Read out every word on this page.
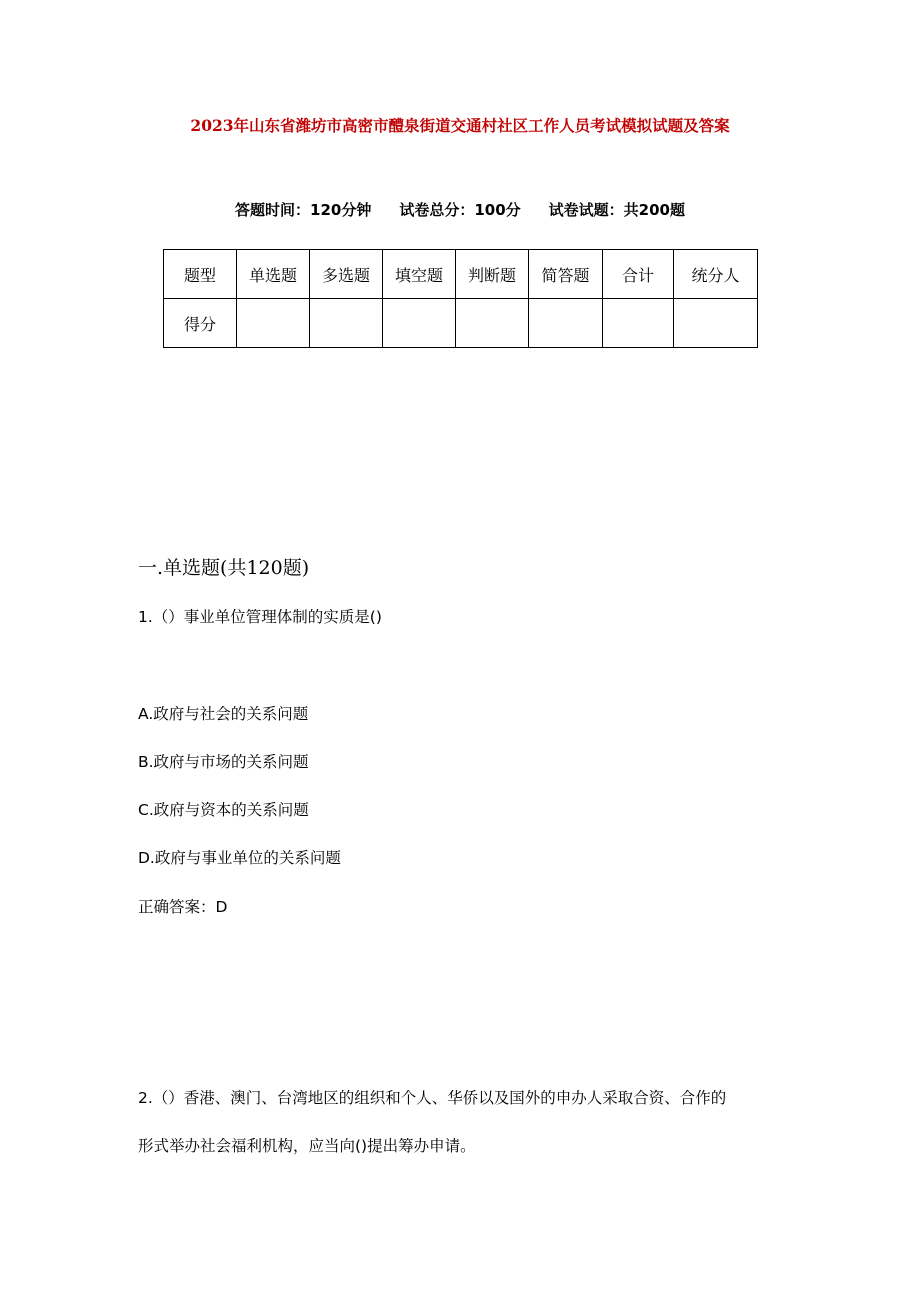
2023年山东省潍坊市高密市醴泉街道交通村社区工作人员考试模拟试题及答案
答题时间：120分钟 试卷总分：100分 试卷试题：共200题
题型	单选题	多选题	填空题	判断题	简答题	合计	统分人
得分							
一.单选题(共120题)
1.（）事业单位管理体制的实质是()
A.政府与社会的关系问题
B.政府与市场的关系问题
C.政府与资本的关系问题
D.政府与事业单位的关系问题
正确答案：D
2.（）香港、澳门、台湾地区的组织和个人、华侨以及国外的申办人采取合资、合作的
形式举办社会福利机构，应当向()提出筹办申请。
